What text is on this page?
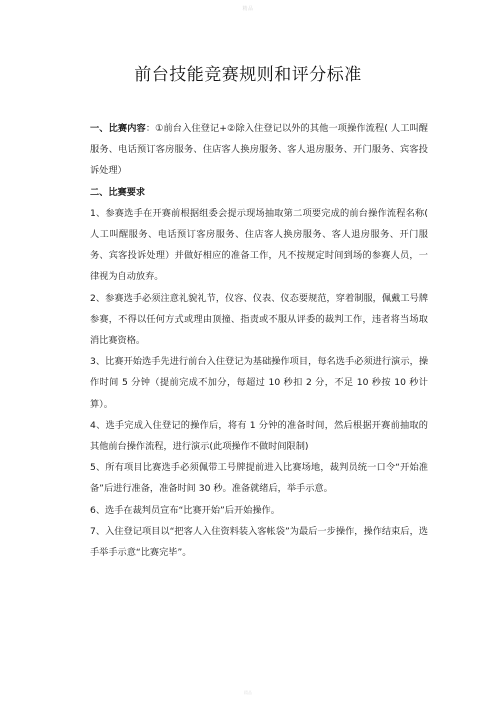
精品
前台技能竞赛规则和评分标准

一、比赛内容：①前台入住登记+②除入住登记以外的其他一项操作流程( 人工叫醒服务、电话预订客房服务、住店客人换房服务、客人退房服务、开门服务、宾客投诉处理）

二、比赛要求

1、参赛选手在开赛前根据组委会提示现场抽取第二项要完成的前台操作流程名称( 人工叫醒服务、电话预订客房服务、住店客人换房服务、客人退房服务、开门服务、宾客投诉处理）并做好相应的准备工作，凡不按规定时间到场的参赛人员，一律视为自动放弃。

2、参赛选手必须注意礼貌礼节，仪容、仪表、仪态要规范，穿着制服，佩戴工号牌参赛，不得以任何方式或理由顶撞、指责或不服从评委的裁判工作，违者将当场取消比赛资格。

3、比赛开始选手先进行前台入住登记为基础操作项目，每名选手必须进行演示，操作时间 5 分钟（提前完成不加分，每超过 10 秒扣 2 分，不足 10 秒按 10 秒计算）。

4、选手完成入住登记的操作后，将有 1 分钟的准备时间，然后根据开赛前抽取的其他前台操作流程，进行演示(此项操作不做时间限制)

5、所有项目比赛选手必须佩带工号牌提前进入比赛场地，裁判员统一口令“开始准备”后进行准备，准备时间 30 秒。准备就绪后，举手示意。

6、选手在裁判员宣布“比赛开始”后开始操作。

7、入住登记项目以“把客人入住资料装入客帐袋”为最后一步操作，操作结束后，选手举手示意“比赛完毕”。

精品
